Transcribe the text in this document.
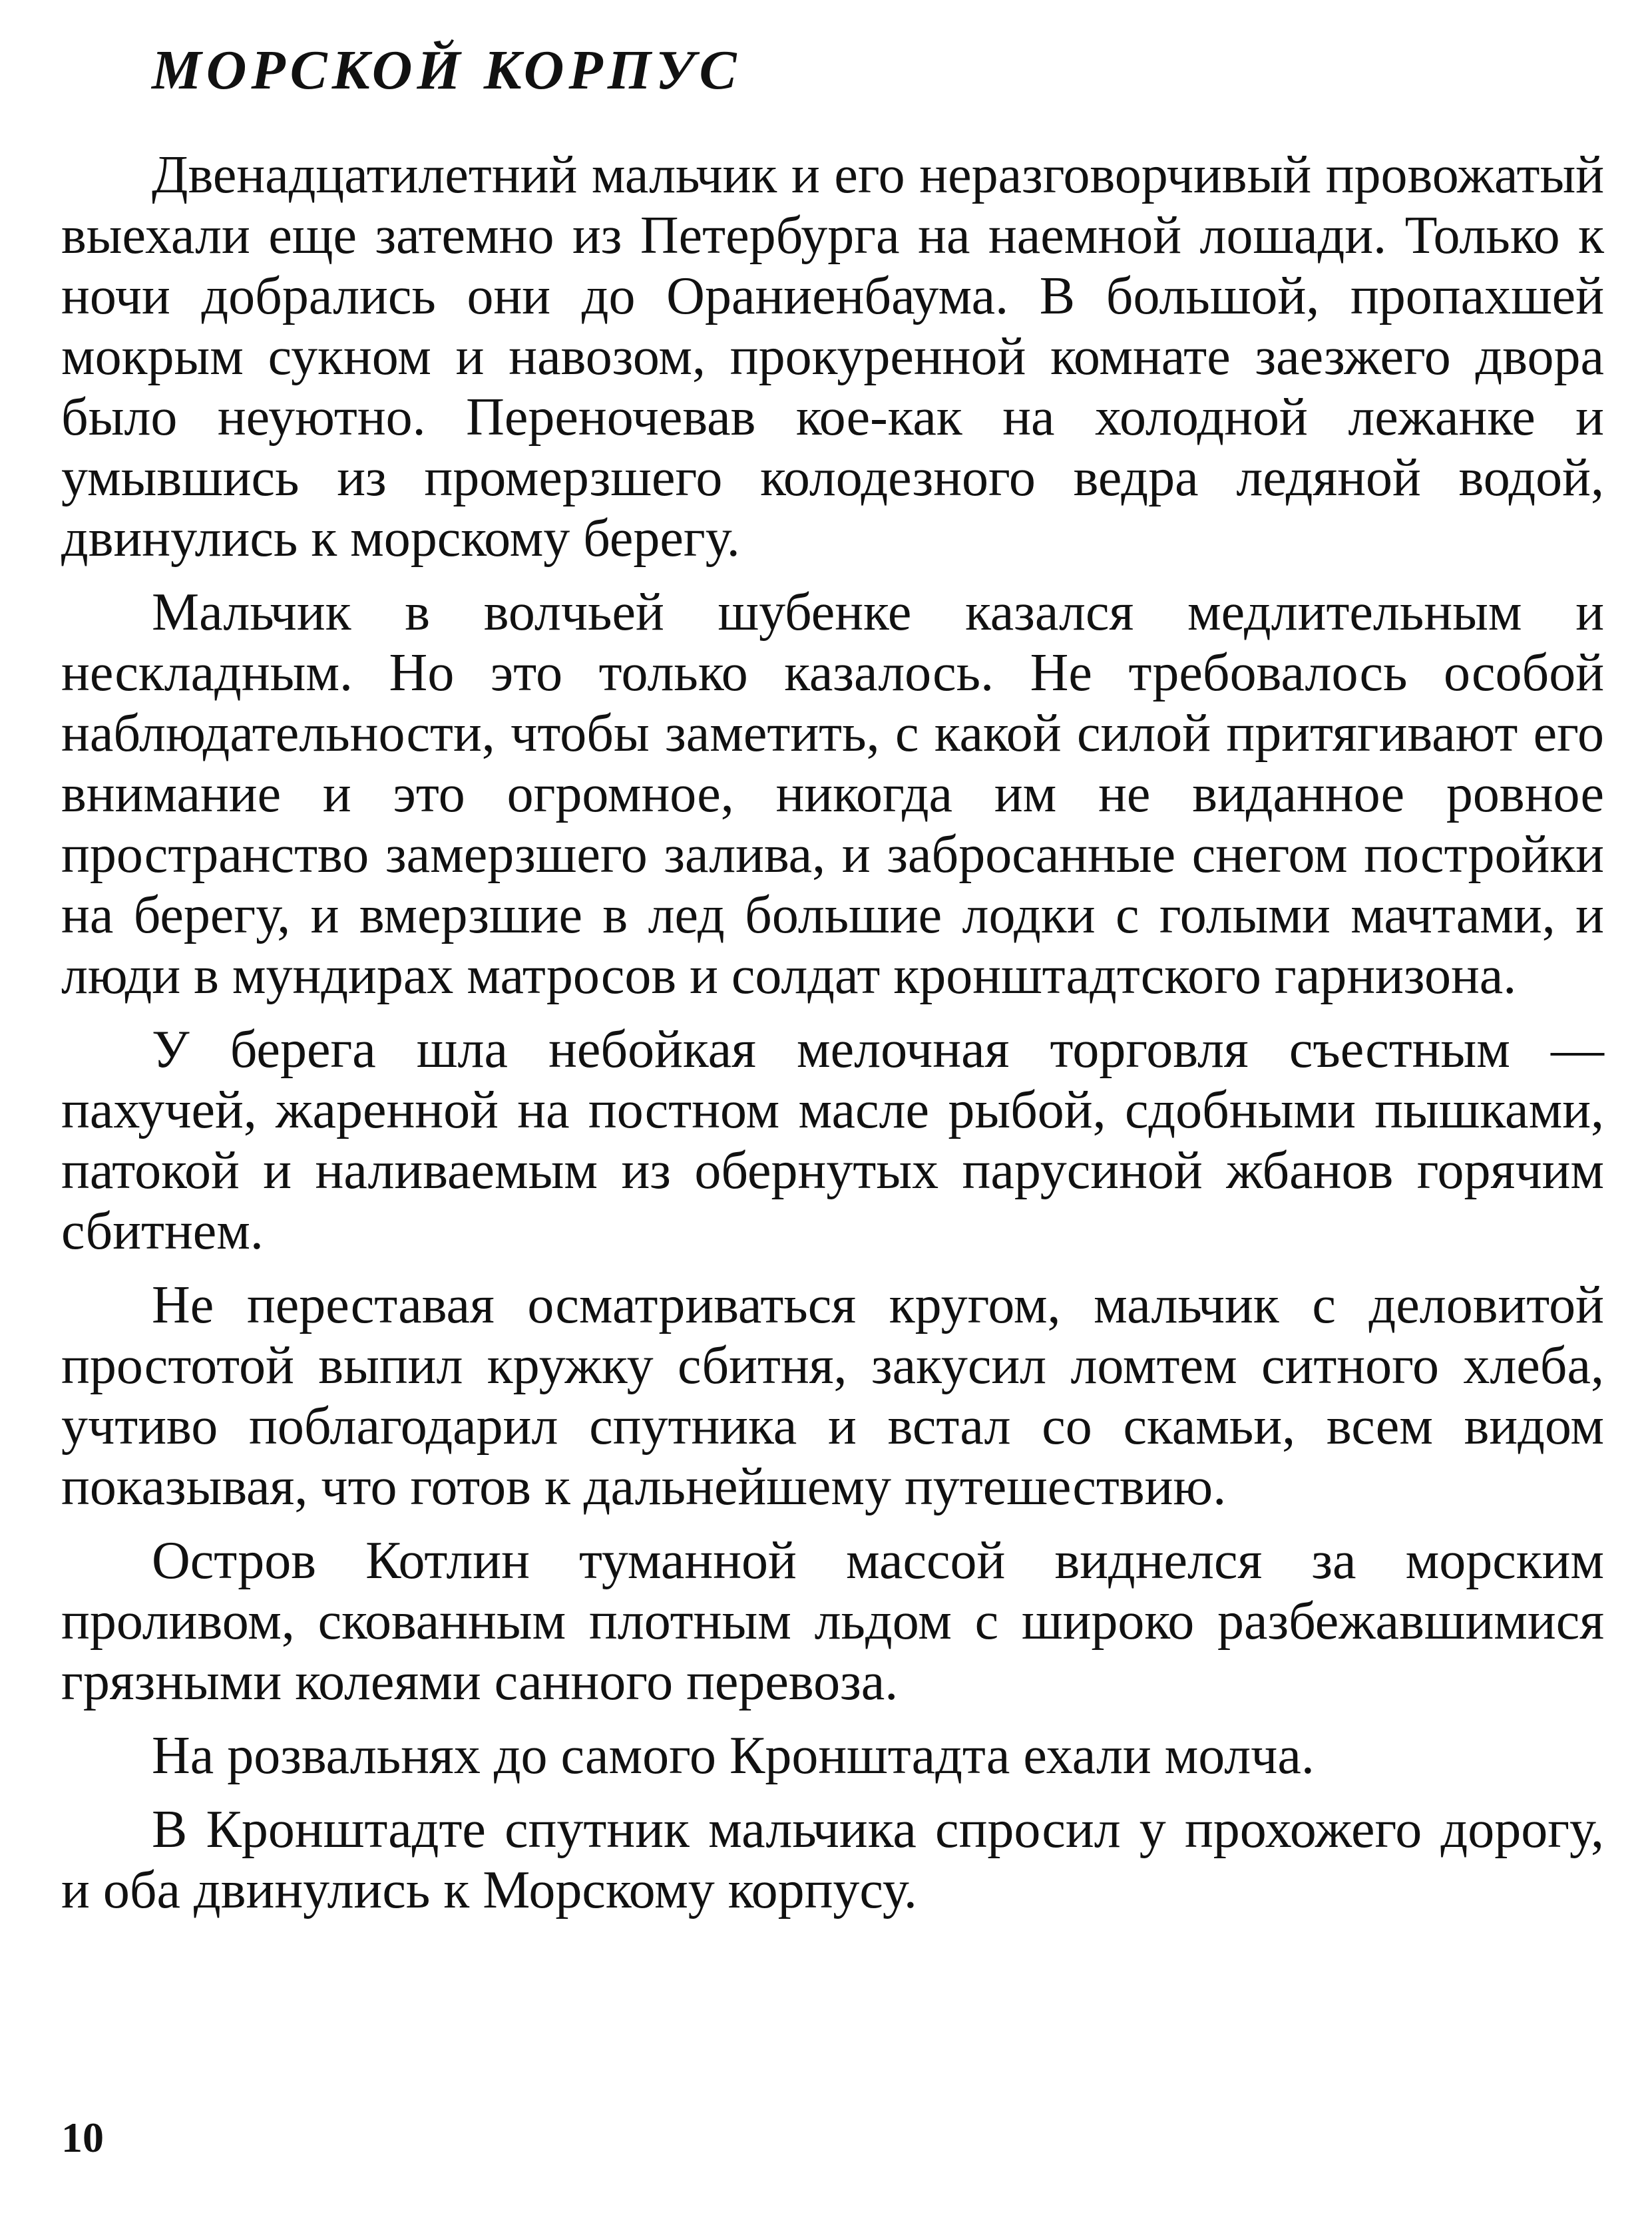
МОРСКОЙ КОРПУС

Двенадцатилетний мальчик и его неразговорчивый провожатый выехали еще затемно из Петербурга на наемной лошади. Только к ночи добрались они до Ораниенбаума. В большой, пропахшей мокрым сукном и навозом, прокуренной комнате заезжего двора было неуютно. Переночевав кое-как на холодной лежанке и умывшись из промерзшего колодезного ведра ледяной водой, двинулись к морскому берегу.

Мальчик в волчьей шубенке казался медлительным и нескладным. Но это только казалось. Не требовалось особой наблюдательности, чтобы заметить, с какой силой притягивают его внимание и это огромное, никогда им не виданное ровное пространство замерзшего залива, и заброcанные снегом постройки на берегу, и вмерзшие в лед большие лодки с голыми мачтами, и люди в мундирах матросов и солдат кронштадтского гарнизона.

У берега шла небойкая мелочная торговля съестным — пахучей, жаренной на постном масле рыбой, сдобными пышками, патокой и наливаемым из обернутых парусиной жбанов горячим сбитнем.

Не переставая осматриваться кругом, мальчик с деловитой простотой выпил кружку сбитня, закусил ломтем ситного хлеба, учтиво поблагодарил спутника и встал со скамьи, всем видом показывая, что готов к дальнейшему путешествию.

Остров Котлин туманной массой виднелся за морским проливом, скованным плотным льдом с широко разбежавшимися грязными колеями санного перевоза.

На розвальнях до самого Кронштадта ехали молча.

В Кронштадте спутник мальчика спросил у прохожего дорогу, и оба двинулись к Морскому корпусу.

10
